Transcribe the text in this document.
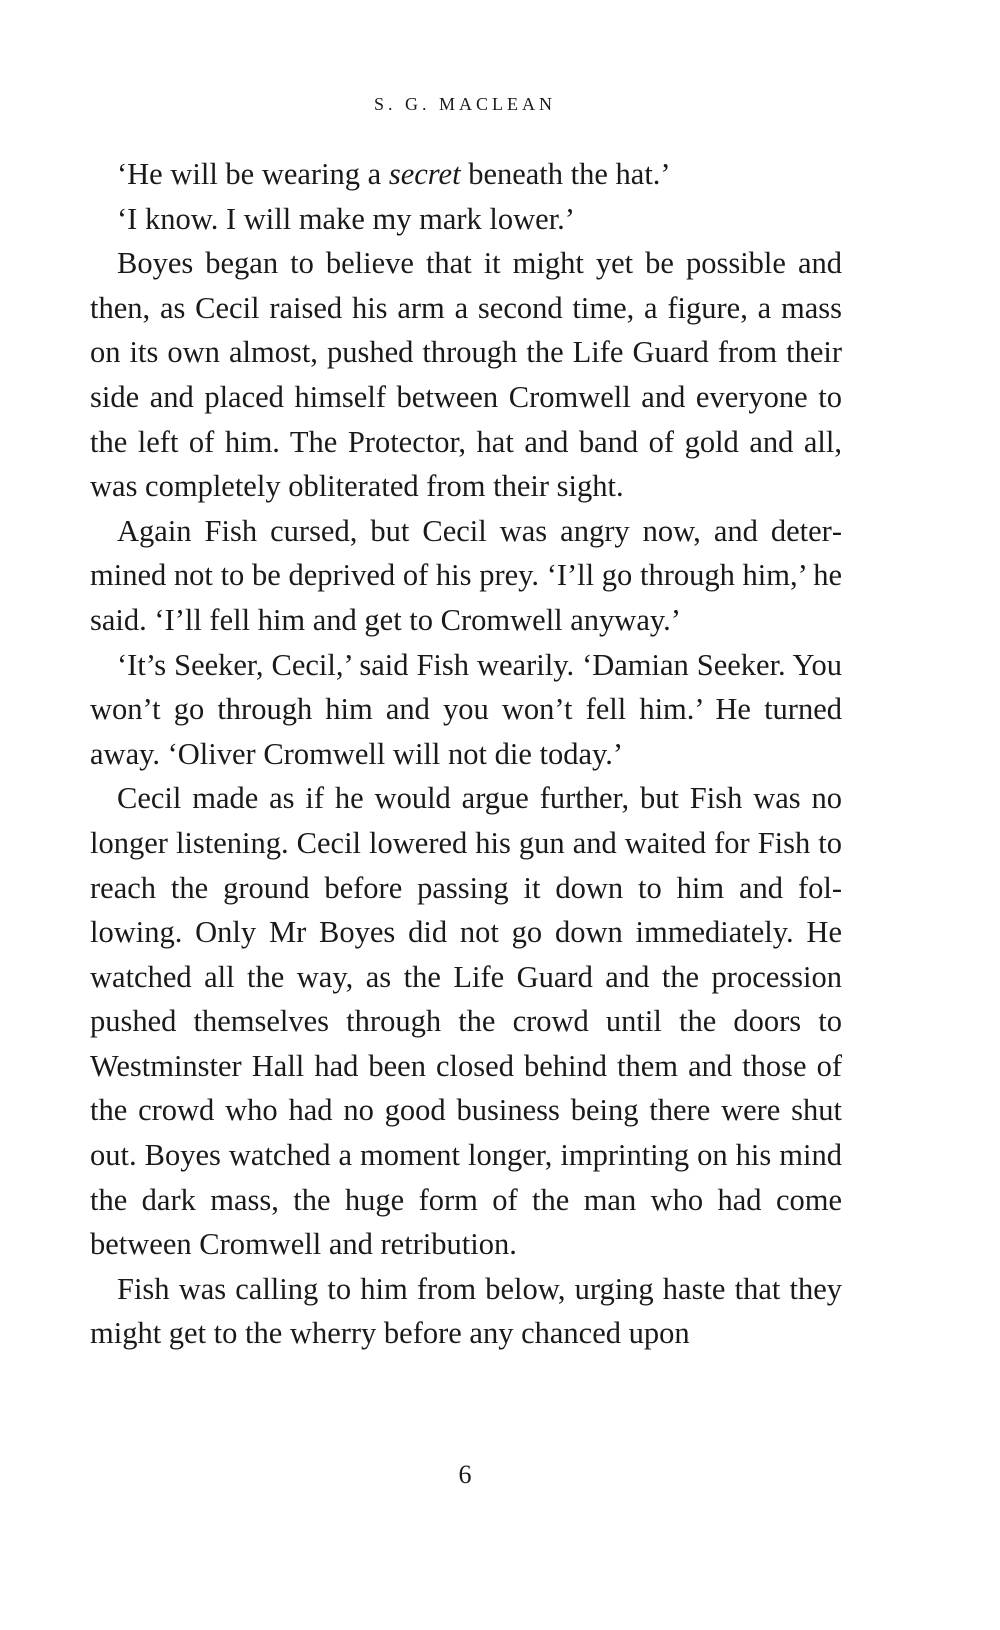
S. G. MACLEAN

‘He will be wearing a secret beneath the hat.’

‘I know. I will make my mark lower.’

Boyes began to believe that it might yet be possible and then, as Cecil raised his arm a second time, a figure, a mass on its own almost, pushed through the Life Guard from their side and placed himself between Cromwell and everyone to the left of him. The Protector, hat and band of gold and all, was completely obliterated from their sight.

Again Fish cursed, but Cecil was angry now, and determined not to be deprived of his prey. ‘I’ll go through him,’ he said. ‘I’ll fell him and get to Cromwell anyway.’

‘It’s Seeker, Cecil,’ said Fish wearily. ‘Damian Seeker. You won’t go through him and you won’t fell him.’ He turned away. ‘Oliver Cromwell will not die today.’

Cecil made as if he would argue further, but Fish was no longer listening. Cecil lowered his gun and waited for Fish to reach the ground before passing it down to him and following. Only Mr Boyes did not go down immediately. He watched all the way, as the Life Guard and the procession pushed themselves through the crowd until the doors to Westminster Hall had been closed behind them and those of the crowd who had no good business being there were shut out. Boyes watched a moment longer, imprinting on his mind the dark mass, the huge form of the man who had come between Cromwell and retribution.

Fish was calling to him from below, urging haste that they might get to the wherry before any chanced upon

6
